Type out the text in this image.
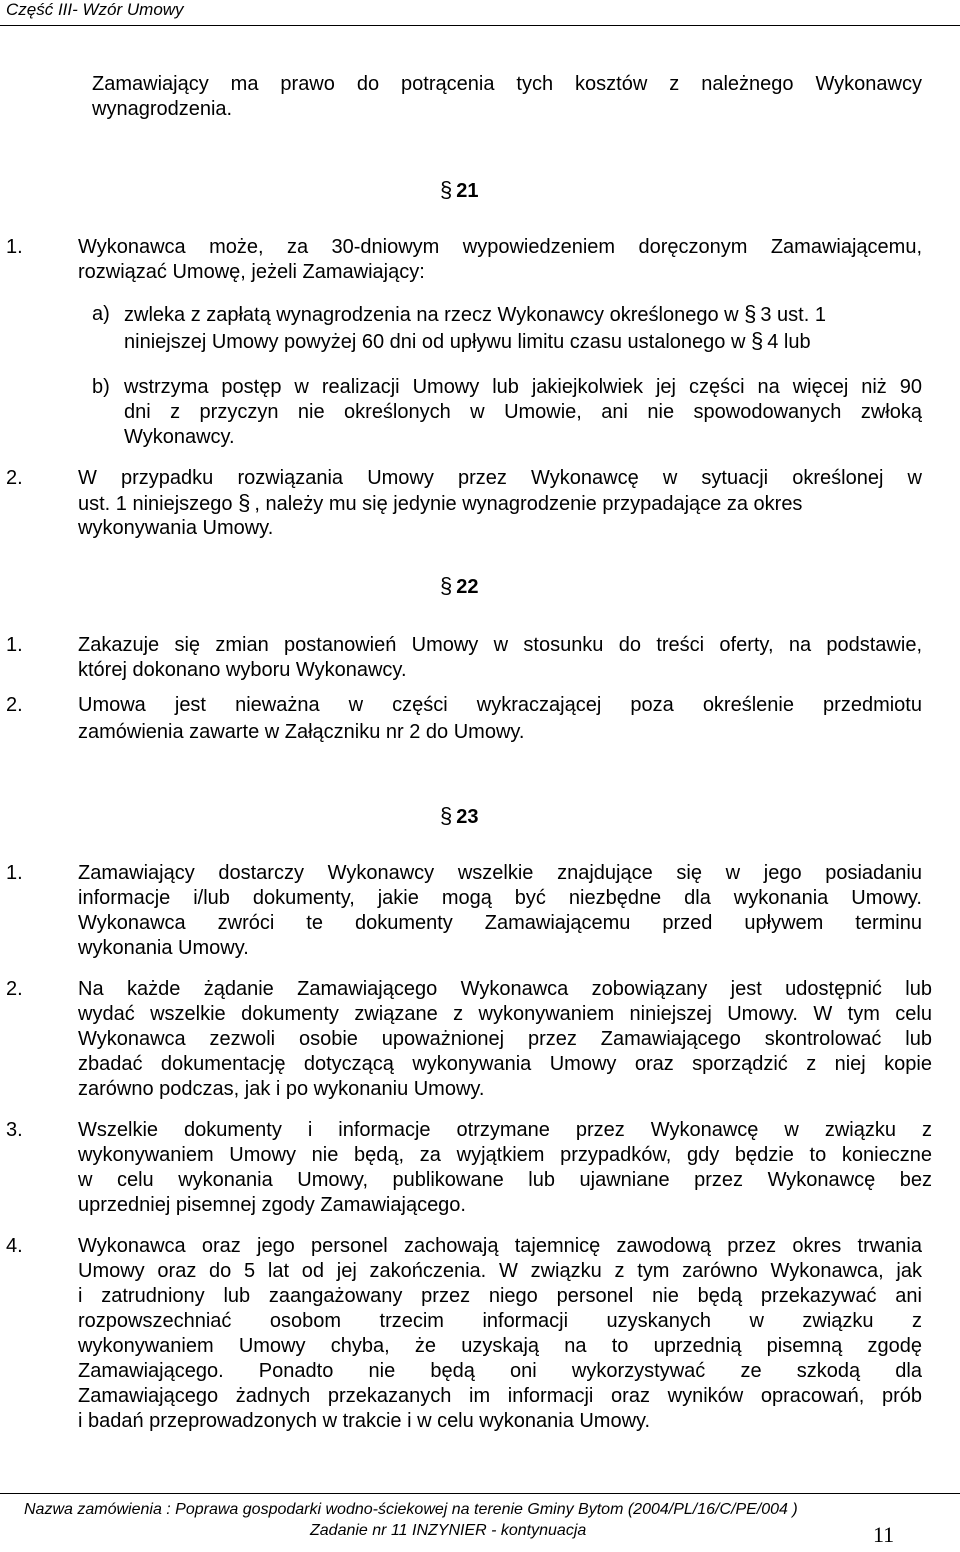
Część III- Wzór Umowy
Zamawiający ma prawo do potrącenia tych kosztów z należnego Wykonawcy
wynagrodzenia.
§ 21
1.	Wykonawca może, za 30-dniowym wypowiedzeniem doręczonym Zamawiającemu,
rozwiązać Umowę, jeżeli Zamawiający:
a) zwleka z zapłatą wynagrodzenia na rzecz Wykonawcy określonego w § 3 ust. 1
niniejszej Umowy powyżej 60 dni od upływu limitu czasu ustalonego w § 4 lub
b) wstrzyma postęp w realizacji Umowy lub jakiejkolwiek jej części na więcej niż 90
dni z przyczyn nie określonych w Umowie, ani nie spowodowanych zwłoką
Wykonawcy.
2.	W przypadku rozwiązania Umowy przez Wykonawcę w sytuacji określonej w
ust. 1 niniejszego § , należy mu się jedynie wynagrodzenie przypadające za okres
wykonywania Umowy.
§ 22
1.	Zakazuje się zmian postanowień Umowy w stosunku do treści oferty, na podstawie,
której dokonano wyboru Wykonawcy.
2.	Umowa jest nieważna w części wykraczającej poza określenie przedmiotu
zamówienia zawarte w Załączniku nr 2 do Umowy.
§ 23
1.	Zamawiający dostarczy Wykonawcy wszelkie znajdujące się w jego posiadaniu
informacje i/lub dokumenty, jakie mogą być niezbędne dla wykonania Umowy.
Wykonawca zwróci te dokumenty Zamawiającemu przed upływem terminu
wykonania Umowy.
2.	Na każde żądanie Zamawiającego Wykonawca zobowiązany jest udostępnić lub
wydać wszelkie dokumenty związane z wykonywaniem niniejszej Umowy. W tym celu
Wykonawca zezwoli osobie upoważnionej przez Zamawiającego skontrolować lub
zbadać dokumentację dotyczącą wykonywania Umowy oraz sporządzić z niej kopie
zarówno podczas, jak i po wykonaniu Umowy.
3.	Wszelkie dokumenty i informacje otrzymane przez Wykonawcę w związku z
wykonywaniem Umowy nie będą, za wyjątkiem przypadków, gdy będzie to konieczne
w celu wykonania Umowy, publikowane lub ujawniane przez Wykonawcę bez
uprzedniej pisemnej zgody Zamawiającego.
4.	Wykonawca oraz jego personel zachowają tajemnicę zawodową przez okres trwania
Umowy oraz do 5 lat od jej zakończenia. W związku z tym zarówno Wykonawca, jak
i zatrudniony lub zaangażowany przez niego personel nie będą przekazywać ani
rozpowszechniać osobom trzecim informacji uzyskanych w związku z
wykonywaniem Umowy chyba, że uzyskają na to uprzednią pisemną zgodę
Zamawiającego. Ponadto nie będą oni wykorzystywać ze szkodą dla
Zamawiającego żadnych przekazanych im informacji oraz wyników opracowań, prób
i badań przeprowadzonych w trakcie i w celu wykonania Umowy.
Nazwa zamówienia : Poprawa gospodarki wodno-ściekowej na terenie Gminy Bytom (2004/PL/16/C/PE/004 )
Zadanie nr 11 INZYNIER - kontynuacja	11
